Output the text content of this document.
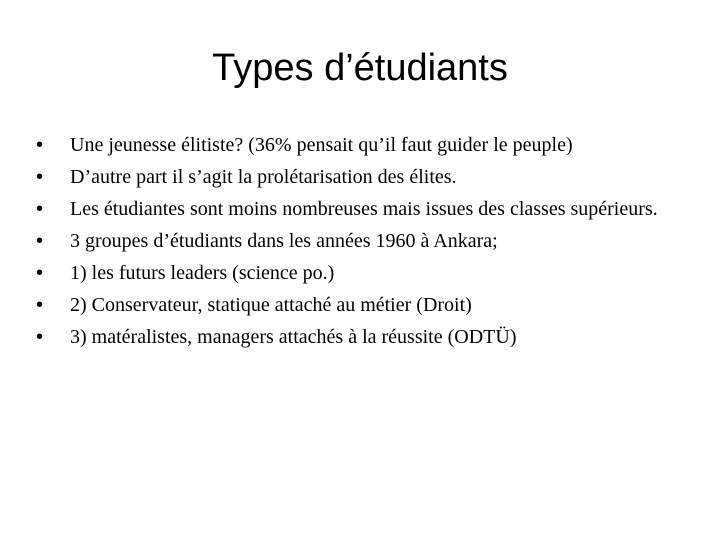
Types d’étudiants
•	Une jeunesse élitiste? (36% pensait qu’il faut guider le peuple)
•	D’autre part il s’agit la prolétarisation des élites.
•	Les étudiantes sont moins nombreuses mais issues des classes supérieurs.
•	3 groupes d’étudiants dans les années 1960 à Ankara;
•	1) les futurs leaders (science po.)
•	2) Conservateur, statique attaché au métier (Droit)
•	3) matéralistes, managers attachés à la réussite (ODTÜ)
